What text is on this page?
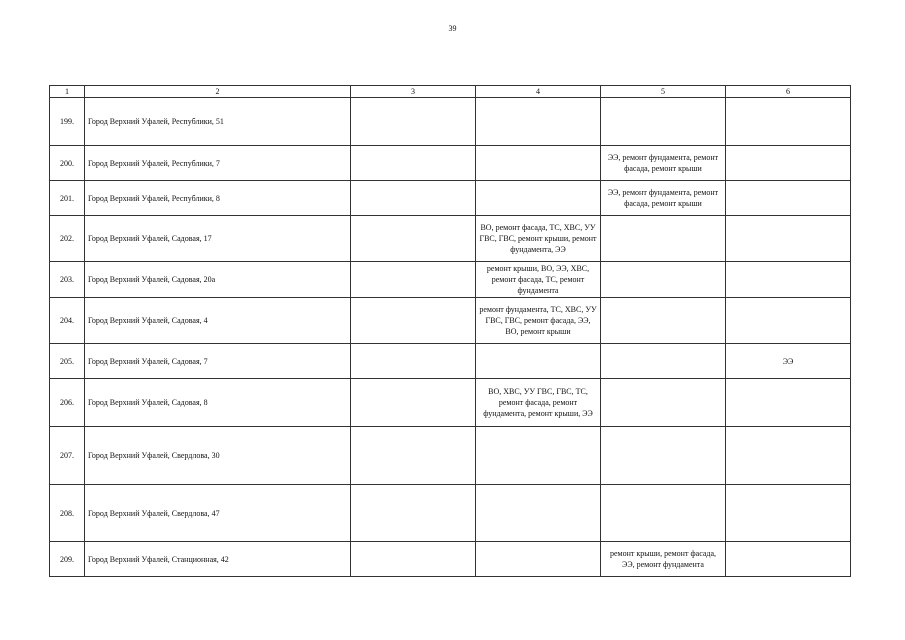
39
1	2	3	4	5	6
199.	Город Верхний Уфалей, Республики, 51				
200.	Город Верхний Уфалей, Республики, 7			ЭЭ, ремонт фундамента, ремонт фасада, ремонт крыши	
201.	Город Верхний Уфалей, Республики, 8			ЭЭ, ремонт фундамента, ремонт фасада, ремонт крыши	
202.	Город Верхний Уфалей, Садовая, 17		ВО, ремонт фасада, ТС, ХВС, УУ ГВС, ГВС, ремонт крыши, ремонт фундамента, ЭЭ		
203.	Город Верхний Уфалей, Садовая, 20а		ремонт крыши, ВО, ЭЭ, ХВС, ремонт фасада, ТС, ремонт фундамента		
204.	Город Верхний Уфалей, Садовая, 4		ремонт фундамента, ТС, ХВС, УУ ГВС, ГВС, ремонт фасада, ЭЭ, ВО, ремонт крыши		
205.	Город Верхний Уфалей, Садовая, 7				ЭЭ
206.	Город Верхний Уфалей, Садовая, 8		ВО, ХВС, УУ ГВС, ГВС, ТС, ремонт фасада, ремонт фундамента, ремонт крыши, ЭЭ		
207.	Город Верхний Уфалей, Свердлова, 30				
208.	Город Верхний Уфалей, Свердлова, 47				
209.	Город Верхний Уфалей, Станционная, 42			ремонт крыши, ремонт фасада, ЭЭ, ремонт фундамента	
